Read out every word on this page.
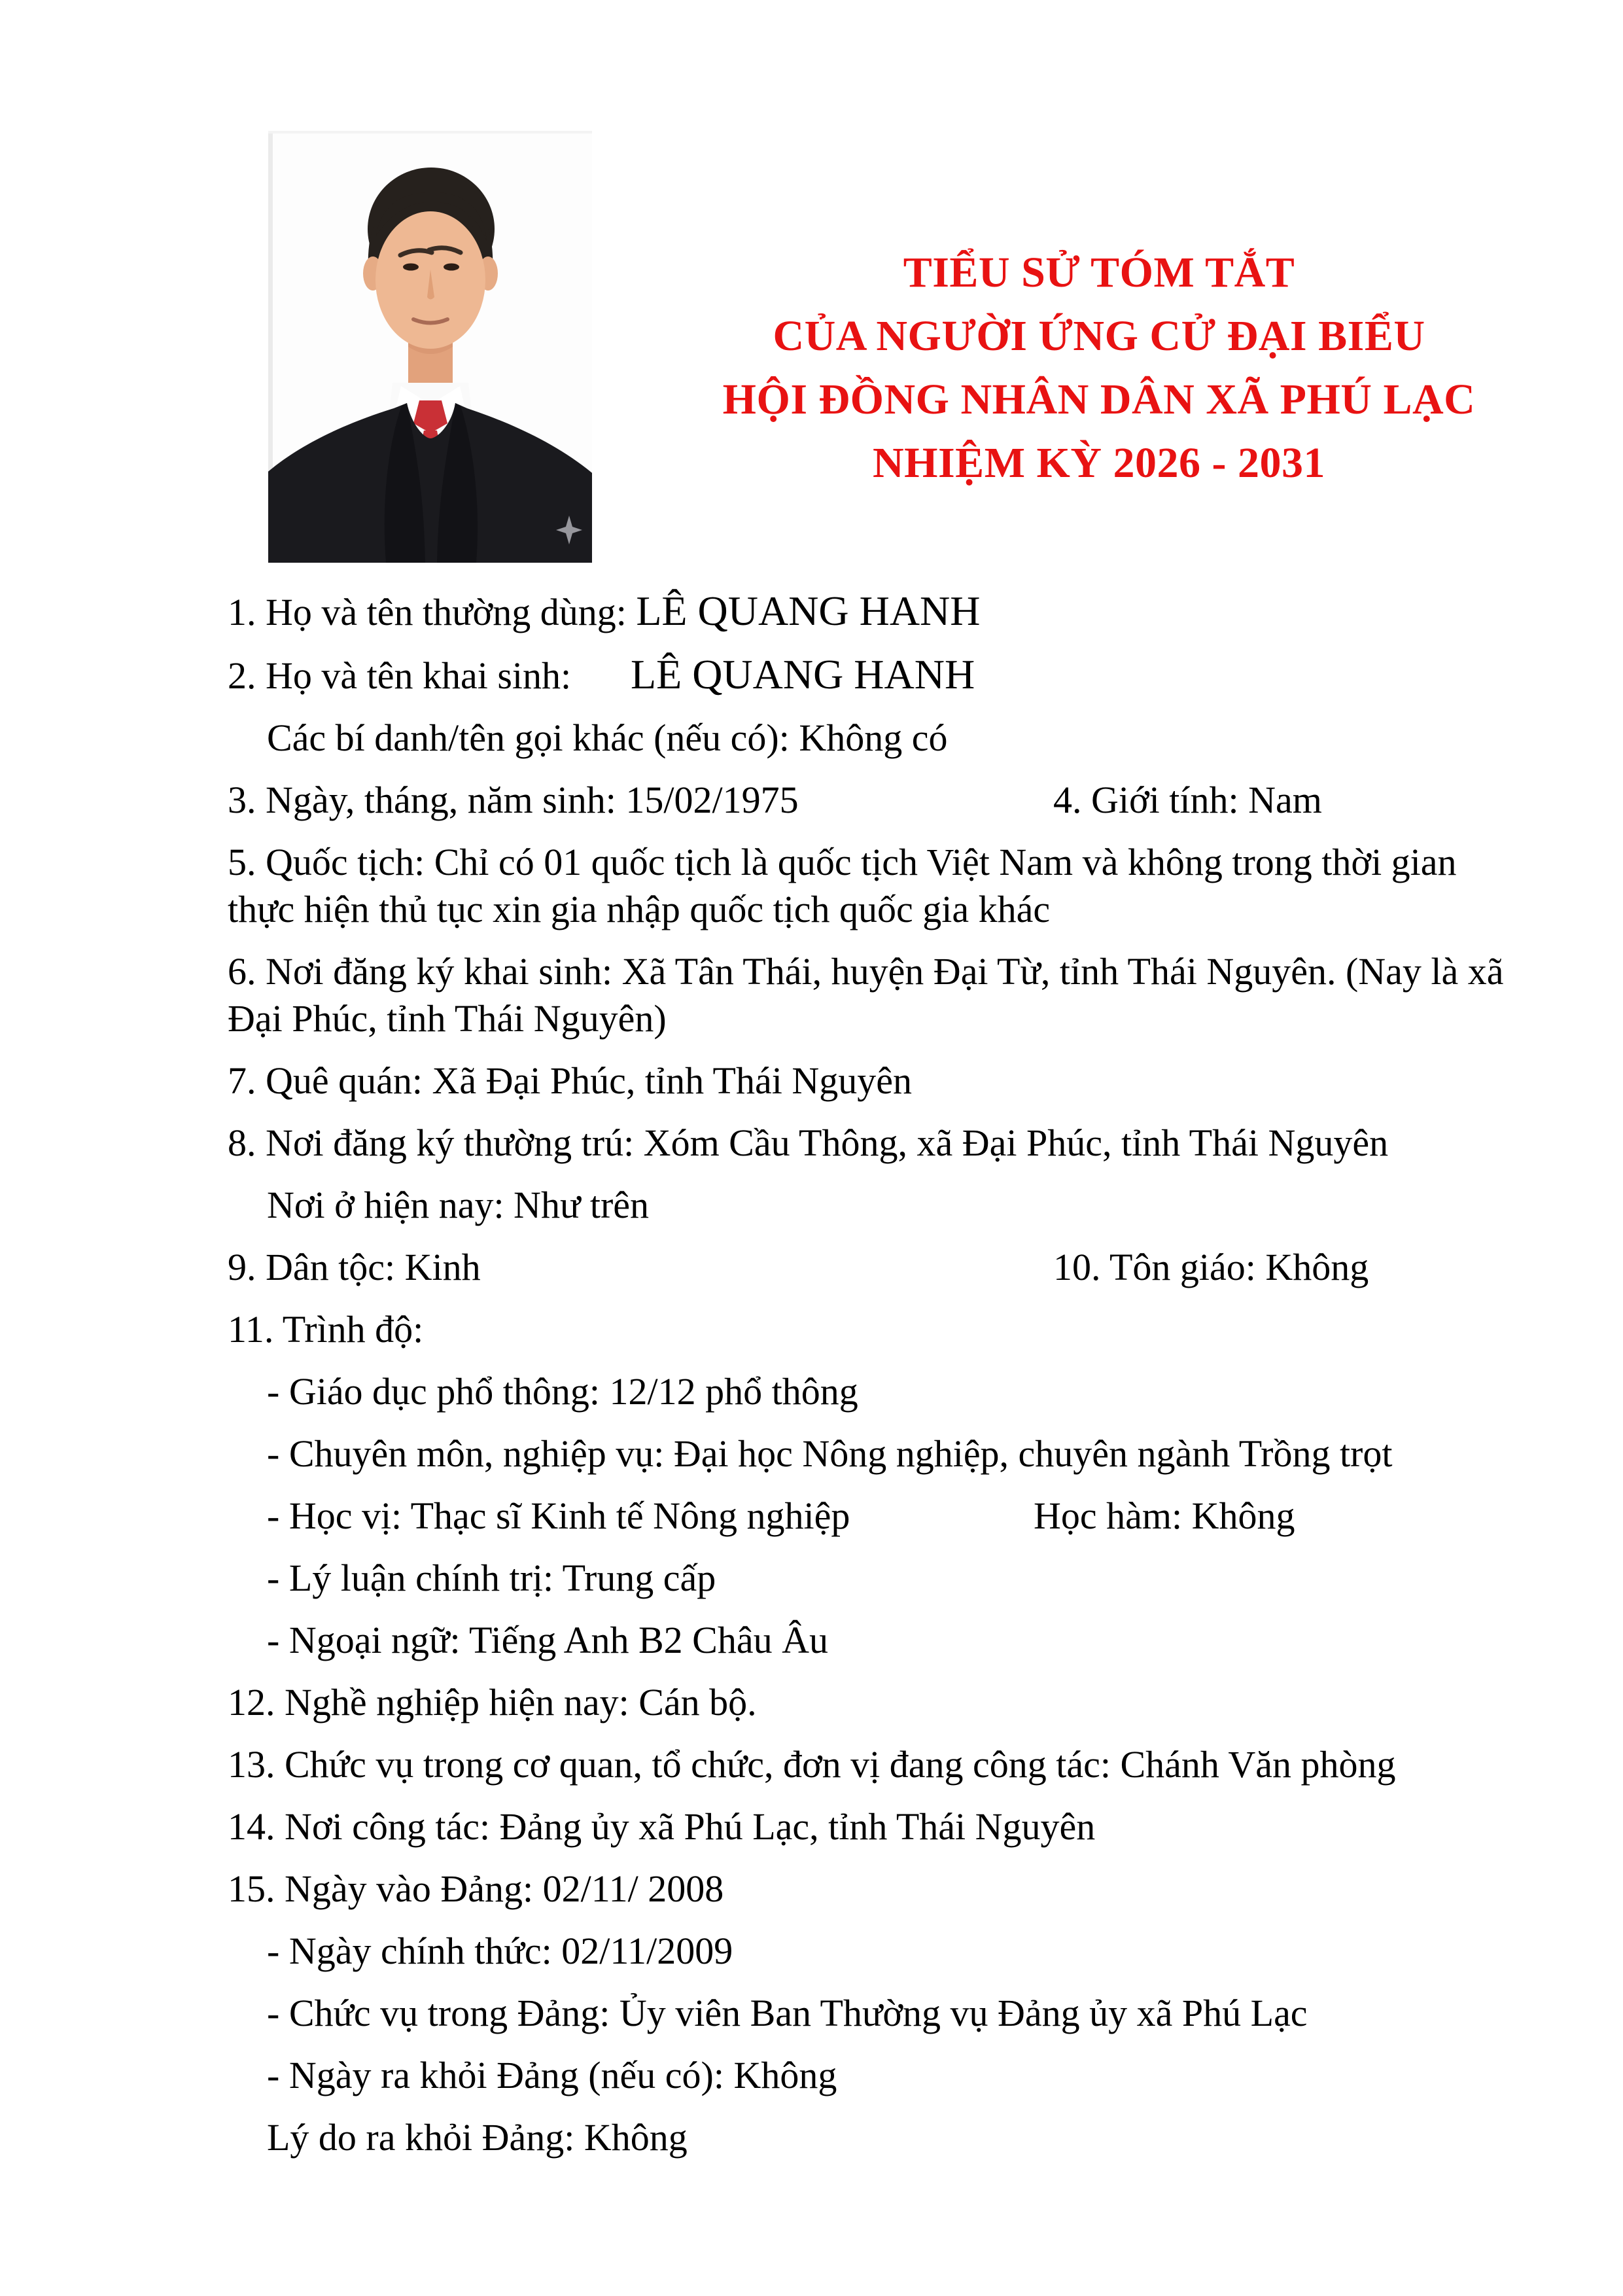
TIỂU SỬ TÓM TẮT
CỦA NGƯỜI ỨNG CỬ ĐẠI BIỂU
HỘI ĐỒNG NHÂN DÂN XÃ PHÚ LẠC
NHIỆM KỲ 2026 - 2031
1. Họ và tên thường dùng: LÊ QUANG HANH
2. Họ và tên khai sinh: LÊ QUANG HANH
Các bí danh/tên gọi khác (nếu có): Không có
3. Ngày, tháng, năm sinh: 15/02/1975	4. Giới tính: Nam
5. Quốc tịch: Chỉ có 01 quốc tịch là quốc tịch Việt Nam và không trong thời gian
thực hiện thủ tục xin gia nhập quốc tịch quốc gia khác
6. Nơi đăng ký khai sinh: Xã Tân Thái, huyện Đại Từ, tỉnh Thái Nguyên. (Nay là xã
Đại Phúc, tỉnh Thái Nguyên)
7. Quê quán: Xã Đại Phúc, tỉnh Thái Nguyên
8. Nơi đăng ký thường trú: Xóm Cầu Thông, xã Đại Phúc, tỉnh Thái Nguyên
Nơi ở hiện nay: Như trên
9. Dân tộc: Kinh	10. Tôn giáo: Không
11. Trình độ:
- Giáo dục phổ thông: 12/12 phổ thông
- Chuyên môn, nghiệp vụ: Đại học Nông nghiệp, chuyên ngành Trồng trọt
- Học vị: Thạc sĩ Kinh tế Nông nghiệp	Học hàm: Không
- Lý luận chính trị: Trung cấp
- Ngoại ngữ: Tiếng Anh B2 Châu Âu
12. Nghề nghiệp hiện nay: Cán bộ.
13. Chức vụ trong cơ quan, tổ chức, đơn vị đang công tác: Chánh Văn phòng
14. Nơi công tác: Đảng ủy xã Phú Lạc, tỉnh Thái Nguyên
15. Ngày vào Đảng: 02/11/ 2008
- Ngày chính thức: 02/11/2009
- Chức vụ trong Đảng: Ủy viên Ban Thường vụ Đảng ủy xã Phú Lạc
- Ngày ra khỏi Đảng (nếu có): Không
Lý do ra khỏi Đảng: Không
